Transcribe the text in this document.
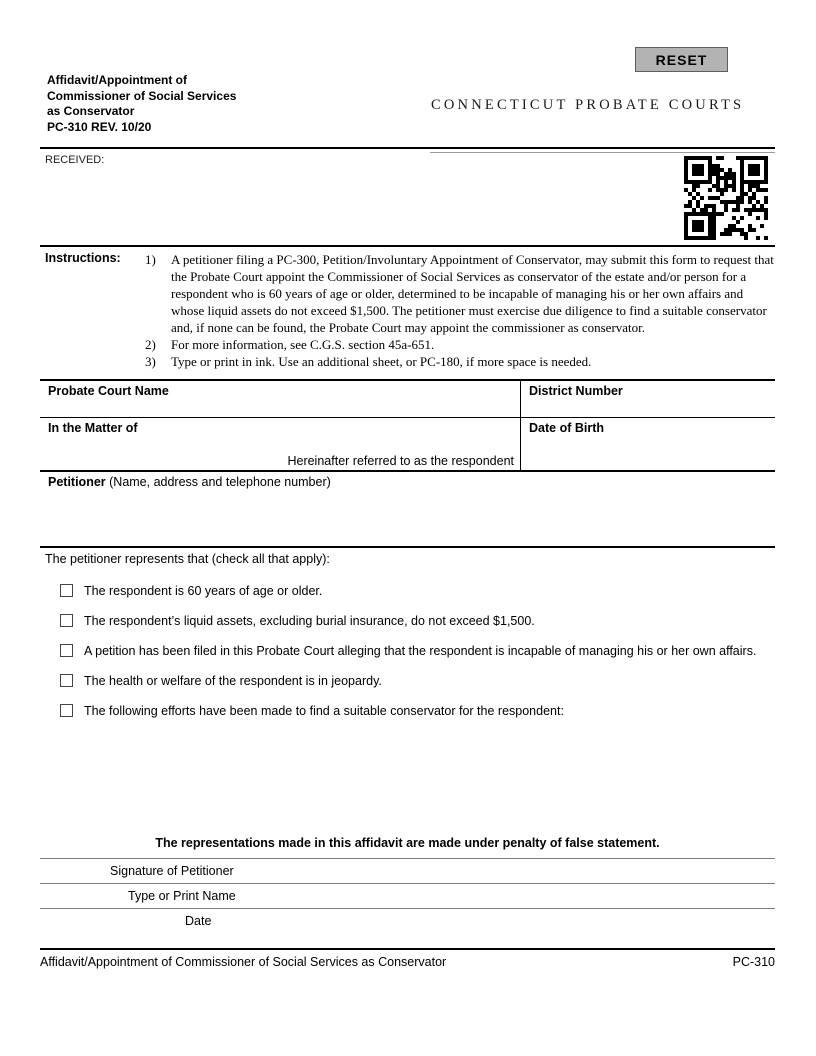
RESET
Affidavit/Appointment of
Commissioner of Social Services
as Conservator
PC-310 REV. 10/20
CONNECTICUT PROBATE COURTS
RECEIVED:
Instructions:	1)	A petitioner filing a PC-300, Petition/Involuntary Appointment of Conservator, may submit this form to request that the Probate Court appoint the Commissioner of Social Services as conservator of the estate and/or person for a respondent who is 60 years of age or older, determined to be incapable of managing his or her own affairs and whose liquid assets do not exceed $1,500. The petitioner must exercise due diligence to find a suitable conservator and, if none can be found, the Probate Court may appoint the commissioner as conservator.
2)	For more information, see C.G.S. section 45a-651.
3)	Type or print in ink. Use an additional sheet, or PC-180, if more space is needed.
Probate Court Name	District Number
In the Matter of
Hereinafter referred to as the respondent
Date of Birth
Petitioner (Name, address and telephone number)
The petitioner represents that (check all that apply):
The respondent is 60 years of age or older.
The respondent’s liquid assets, excluding burial insurance, do not exceed $1,500.
A petition has been filed in this Probate Court alleging that the respondent is incapable of managing his or her own affairs.
The health or welfare of the respondent is in jeopardy.
The following efforts have been made to find a suitable conservator for the respondent:
The representations made in this affidavit are made under penalty of false statement.
Signature of Petitioner
Type or Print Name
Date
Affidavit/Appointment of Commissioner of Social Services as Conservator	PC-310
